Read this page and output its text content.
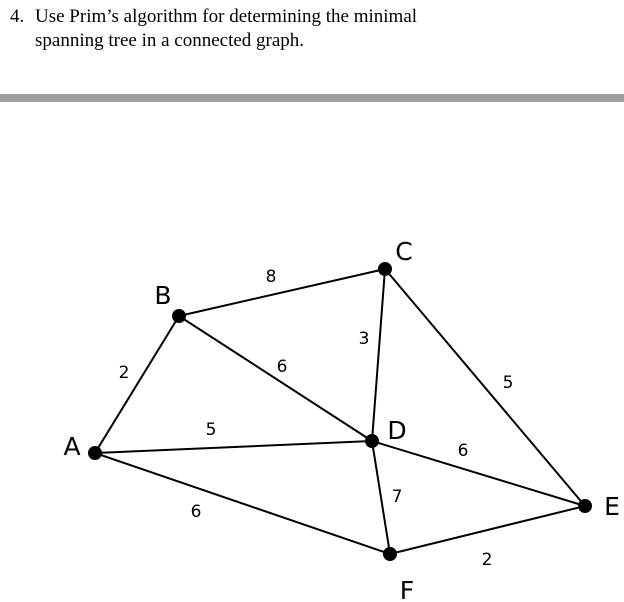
4. Use Prim’s algorithm for determining the minimal
spanning tree in a connected graph.
2
8
6
3
5
5
6
7
6
2
A
B
C
D
E
F
